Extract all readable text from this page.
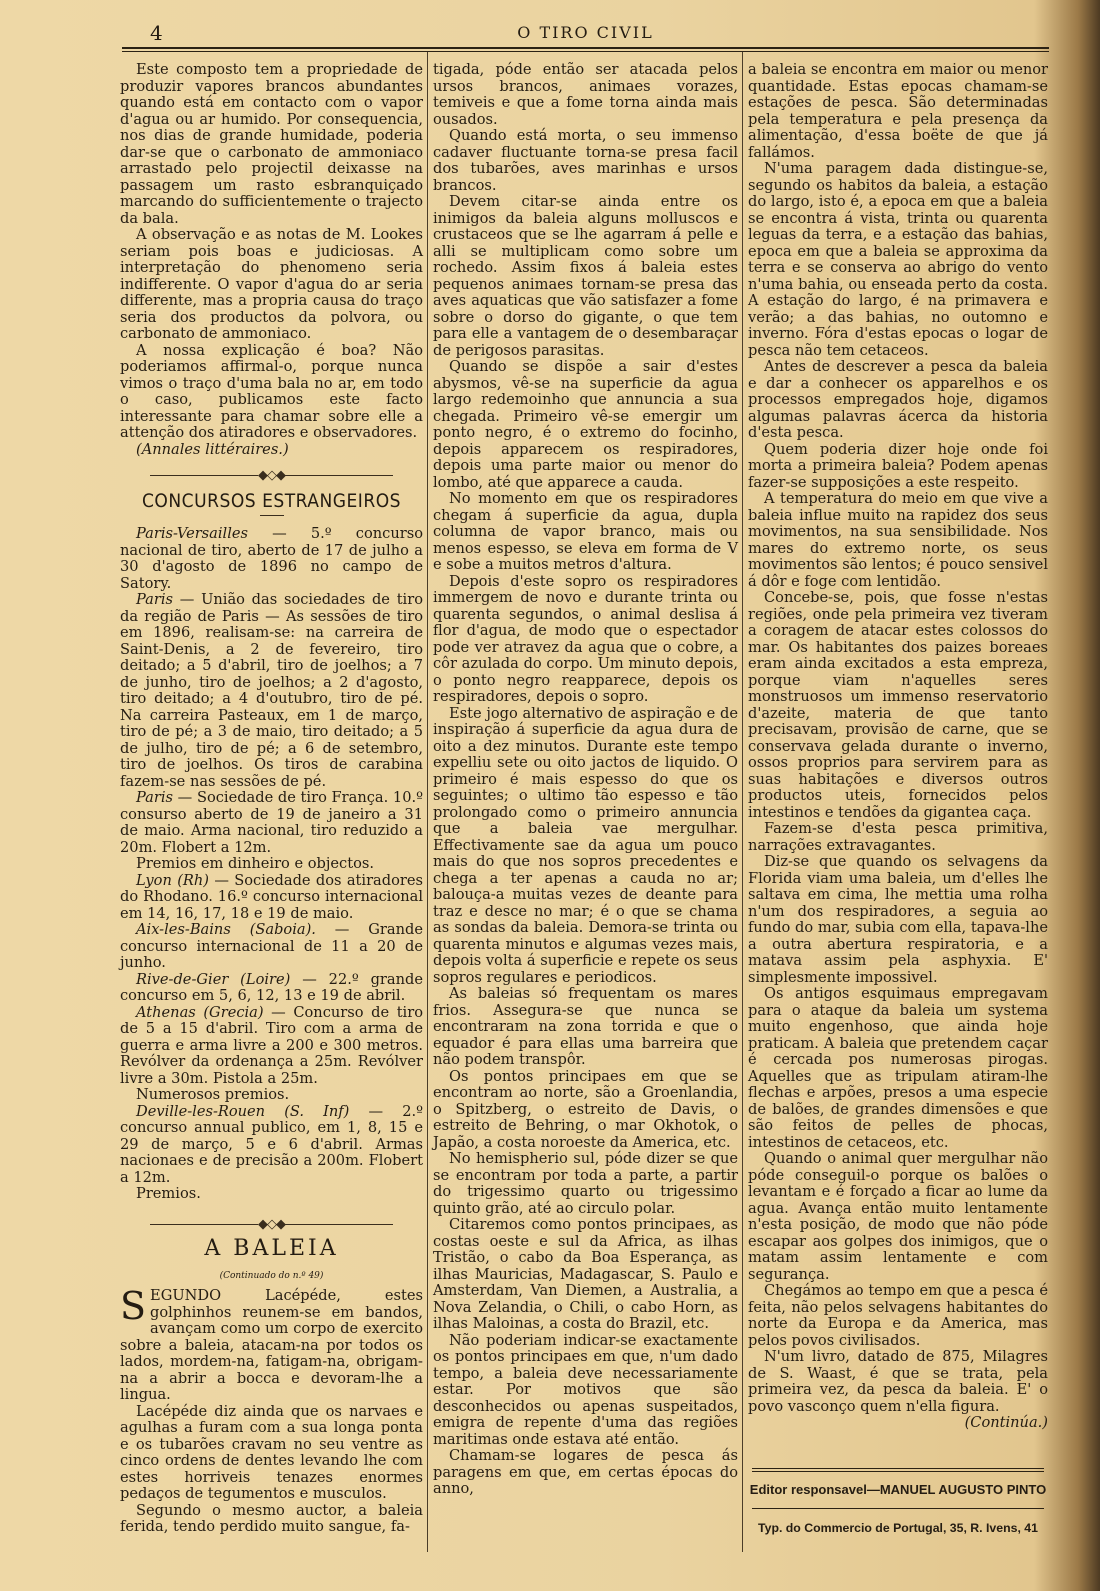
4	O TIRO CIVIL

Este composto tem a propriedade de produzir vapores brancos abundantes quando está em contacto com o vapor d'agua ou ar humido. Por consequencia, nos dias de grande humidade, poderia dar-se que o carbonato de ammoniaco arrastado pelo projectil deixasse na passagem um rasto esbranquiçado marcando do sufficientemente o trajecto da bala.

A observação e as notas de M. Lookes seriam pois boas e judiciosas. A interpretação do phenomeno seria indifferente. O vapor d'agua do ar seria differente, mas a propria causa do traço seria dos productos da polvora, ou carbonato de ammoniaco.

A nossa explicação é boa? Não poderiamos affirmal-o, porque nunca vimos o traço d'uma bala no ar, em todo o caso, publicamos este facto interessante para chamar sobre elle a attenção dos atiradores e observadores.

(Annales littéraires.)

◆◇◆
CONCURSOS ESTRANGEIROS

Paris-Versailles — 5.º concurso nacional de tiro, aberto de 17 de julho a 30 d'agosto de 1896 no campo de Satory.

Paris — União das sociedades de tiro da região de Paris — As sessões de tiro em 1896, realisam-se: na carreira de Saint-Denis, a 2 de fevereiro, tiro deitado; a 5 d'abril, tiro de joelhos; a 7 de junho, tiro de joelhos; a 2 d'agosto, tiro deitado; a 4 d'outubro, tiro de pé. Na carreira Pasteaux, em 1 de março, tiro de pé; a 3 de maio, tiro deitado; a 5 de julho, tiro de pé; a 6 de setembro, tiro de joelhos. Os tiros de carabina fazem-se nas sessões de pé.

Paris — Sociedade de tiro França. 10.º consurso aberto de 19 de janeiro a 31 de maio. Arma nacional, tiro reduzido a 20m. Flobert a 12m.

Premios em dinheiro e objectos.

Lyon (Rh) — Sociedade dos atiradores do Rhodano. 16.º concurso internacional em 14, 16, 17, 18 e 19 de maio.

Aix-les-Bains (Saboia). — Grande concurso internacional de 11 a 20 de junho.

Rive-de-Gier (Loire) — 22.º grande concurso em 5, 6, 12, 13 e 19 de abril.

Athenas (Grecia) — Concurso de tiro de 5 a 15 d'abril. Tiro com a arma de guerra e arma livre a 200 e 300 metros. Revólver da ordenança a 25m. Revólver livre a 30m. Pistola a 25m.

Numerosos premios.

Deville-les-Rouen (S. Inf) — 2.º concurso annual publico, em 1, 8, 15 e 29 de março, 5 e 6 d'abril. Armas nacionaes e de precisão a 200m. Flobert a 12m.

Premios.

◆◇◆
A BALEIA
(Continuado do n.º 49)

SEGUNDO Lacépéde, estes golphinhos reunem-se em bandos, avançam como um corpo de exercito sobre a baleia, atacam-na por todos os lados, mordem-na, fatigam-na, obrigam-na a abrir a bocca e devoram-lhe a lingua.

Lacépéde diz ainda que os narvaes e agulhas a furam com a sua longa ponta e os tubarões cravam no seu ventre as cinco ordens de dentes levando lhe com estes horriveis tenazes enormes pedaços de tegumentos e musculos.

Segundo o mesmo auctor, a baleia ferida, tendo perdido muito sangue, fa-

tigada, póde então ser atacada pelos ursos brancos, animaes vorazes, temiveis e que a fome torna ainda mais ousados.

Quando está morta, o seu immenso cadaver fluctuante torna-se presa facil dos tubarões, aves marinhas e ursos brancos.

Devem citar-se ainda entre os inimigos da baleia alguns molluscos e crustaceos que se lhe agarram á pelle e alli se multiplicam como sobre um rochedo. Assim fixos á baleia estes pequenos animaes tornam-se presa das aves aquaticas que vão satisfazer a fome sobre o dorso do gigante, o que tem para elle a vantagem de o desembaraçar de perigosos parasitas.

Quando se dispõe a sair d'estes abysmos, vê-se na superficie da agua largo redemoinho que annuncia a sua chegada. Primeiro vê-se emergir um ponto negro, é o extremo do focinho, depois apparecem os respiradores, depois uma parte maior ou menor do lombo, até que apparece a cauda.

No momento em que os respiradores chegam á superficie da agua, dupla columna de vapor branco, mais ou menos espesso, se eleva em forma de V e sobe a muitos metros d'altura.

Depois d'este sopro os respiradores immergem de novo e durante trinta ou quarenta segundos, o animal deslisa á flor d'agua, de modo que o espectador pode ver atravez da agua que o cobre, a côr azulada do corpo. Um minuto depois, o ponto negro reapparece, depois os respiradores, depois o sopro.

Este jogo alternativo de aspiração e de inspiração á superficie da agua dura de oito a dez minutos. Durante este tempo expelliu sete ou oito jactos de liquido. O primeiro é mais espesso do que os seguintes; o ultimo tão espesso e tão prolongado como o primeiro annuncia que a baleia vae mergulhar. Effectivamente sae da agua um pouco mais do que nos sopros precedentes e chega a ter apenas a cauda no ar; balouça-a muitas vezes de deante para traz e desce no mar; é o que se chama as sondas da baleia. Demora-se trinta ou quarenta minutos e algumas vezes mais, depois volta á superficie e repete os seus sopros regulares e periodicos.

As baleias só frequentam os mares frios. Assegura-se que nunca se encontraram na zona torrida e que o equador é para ellas uma barreira que não podem transpôr.

Os pontos principaes em que se encontram ao norte, são a Groenlandia, o Spitzberg, o estreito de Davis, o estreito de Behring, o mar Okhotok, o Japão, a costa noroeste da America, etc.

No hemispherio sul, póde dizer se que se encontram por toda a parte, a partir do trigessimo quarto ou trigessimo quinto grão, até ao circulo polar.

Citaremos como pontos principaes, as costas oeste e sul da Africa, as ilhas Tristão, o cabo da Boa Esperança, as ilhas Mauricias, Madagascar, S. Paulo e Amsterdam, Van Diemen, a Australia, a Nova Zelandia, o Chili, o cabo Horn, as ilhas Maloinas, a costa do Brazil, etc.

Não poderiam indicar-se exactamente os pontos principaes em que, n'um dado tempo, a baleia deve necessariamente estar. Por motivos que são desconhecidos ou apenas suspeitados, emigra de repente d'uma das regiões maritimas onde estava até então.

Chamam-se logares de pesca ás paragens em que, em certas épocas do anno,

a baleia se encontra em maior ou menor quantidade. Estas epocas chamam-se estações de pesca. São determinadas pela temperatura e pela presença da alimentação, d'essa boëte de que já fallámos.

N'uma paragem dada distingue-se, segundo os habitos da baleia, a estação do largo, isto é, a epoca em que a baleia se encontra á vista, trinta ou quarenta leguas da terra, e a estação das bahias, epoca em que a baleia se approxima da terra e se conserva ao abrigo do vento n'uma bahia, ou enseada perto da costa. A estação do largo, é na primavera e verão; a das bahias, no outomno e inverno. Fóra d'estas epocas o logar de pesca não tem cetaceos.

Antes de descrever a pesca da baleia e dar a conhecer os apparelhos e os processos empregados hoje, digamos algumas palavras ácerca da historia d'esta pesca.

Quem poderia dizer hoje onde foi morta a primeira baleia? Podem apenas fazer-se supposições a este respeito.

A temperatura do meio em que vive a baleia influe muito na rapidez dos seus movimentos, na sua sensibilidade. Nos mares do extremo norte, os seus movimentos são lentos; é pouco sensivel á dôr e foge com lentidão.

Concebe-se, pois, que fosse n'estas regiões, onde pela primeira vez tiveram a coragem de atacar estes colossos do mar. Os habitantes dos paizes boreaes eram ainda excitados a esta empreza, porque viam n'aquelles seres monstruosos um immenso reservatorio d'azeite, materia de que tanto precisavam, provisão de carne, que se conservava gelada durante o inverno, ossos proprios para servirem para as suas habitações e diversos outros productos uteis, fornecidos pelos intestinos e tendões da gigantea caça.

Fazem-se d'esta pesca primitiva, narrações extravagantes.

Diz-se que quando os selvagens da Florida viam uma baleia, um d'elles lhe saltava em cima, lhe mettia uma rolha n'um dos respiradores, a seguia ao fundo do mar, subia com ella, tapava-lhe a outra abertura respiratoria, e a matava assim pela asphyxia. E' simplesmente impossivel.

Os antigos esquimaus empregavam para o ataque da baleia um systema muito engenhoso, que ainda hoje praticam. A baleia que pretendem caçar é cercada pos numerosas pirogas. Aquelles que as tripulam atiram-lhe flechas e arpões, presos a uma especie de balões, de grandes dimensões e que são feitos de pelles de phocas, intestinos de cetaceos, etc.

Quando o animal quer mergulhar não póde conseguil-o porque os balões o levantam e é forçado a ficar ao lume da agua. Avança então muito lentamente n'esta posição, de modo que não póde escapar aos golpes dos inimigos, que o matam assim lentamente e com segurança.

Chegámos ao tempo em que a pesca é feita, não pelos selvagens habitantes do norte da Europa e da America, mas pelos povos civilisados.

N'um livro, datado de 875, Milagres de S. Waast, é que se trata, pela primeira vez, da pesca da baleia. E' o povo vasconço quem n'ella figura.

(Continúa.)

Editor responsavel—MANUEL AUGUSTO PINTO
Typ. do Commercio de Portugal, 35, R. Ivens, 41
